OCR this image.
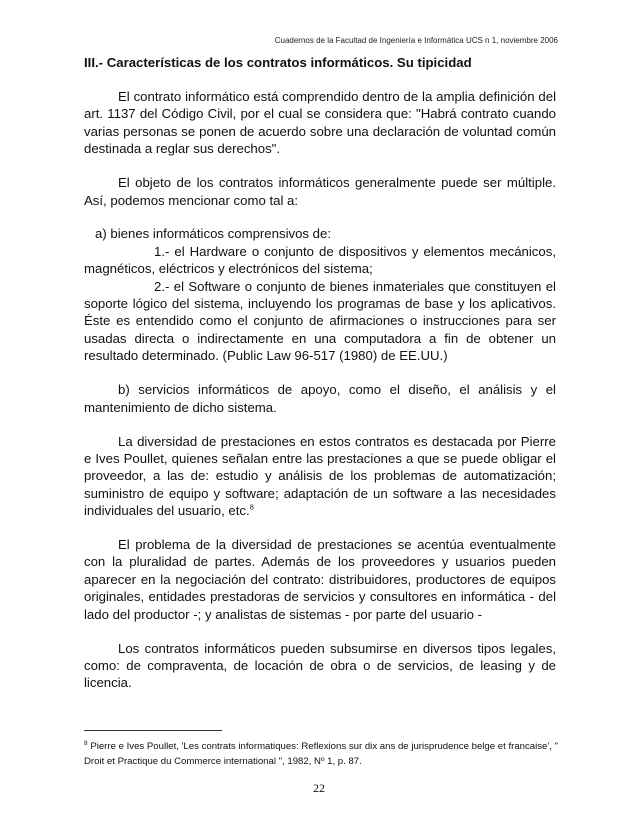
Cuadernos de la Facultad de Ingeniería e Informática UCS n 1, noviembre 2006
III.- Características de los contratos informáticos. Su tipicidad

El contrato informático está comprendido dentro de la amplia definición del art. 1137 del Código Civil, por el cual se considera que: "Habrá contrato cuando varias personas se ponen de acuerdo sobre una declaración de voluntad común destinada a reglar sus derechos".

El objeto de los contratos informáticos generalmente puede ser múltiple. Así, podemos mencionar como tal a:

a) bienes informáticos comprensivos de:

1.- el Hardware o conjunto de dispositivos y elementos mecánicos, magnéticos, eléctricos y electrónicos del sistema;

2.- el Software o conjunto de bienes inmateriales que constituyen el soporte lógico del sistema, incluyendo los programas de base y los aplicativos. Éste es entendido como el conjunto de afirmaciones o instrucciones para ser usadas directa o indirectamente en una computadora a fin de obtener un resultado determinado. (Public Law 96-517 (1980) de EE.UU.)

b) servicios informáticos de apoyo, como el diseño, el análisis y el mantenimiento de dicho sistema.

La diversidad de prestaciones en estos contratos es destacada por Pierre e Ives Poullet, quienes señalan entre las prestaciones a que se puede obligar el proveedor, a las de: estudio y análisis de los problemas de automatización; suministro de equipo y software; adaptación de un software a las necesidades individuales del usuario, etc.$^8$

El problema de la diversidad de prestaciones se acentúa eventualmente con la pluralidad de partes. Además de los proveedores y usuarios pueden aparecer en la negociación del contrato: distribuidores, productores de equipos originales, entidades prestadoras de servicios y consultores en informática - del lado del productor -; y analistas de sistemas - por parte del usuario -

Los contratos informáticos pueden subsumirse en diversos tipos legales, como: de compraventa, de locación de obra o de servicios, de leasing y de licencia.

$^8$ Pierre e Ives Poullet, 'Les contrats informatiques: Reflexions sur dix ans de jurisprudence belge et francaise', " Droit et Practique du Commerce international ", 1982, Nº 1, p. 87.
22
